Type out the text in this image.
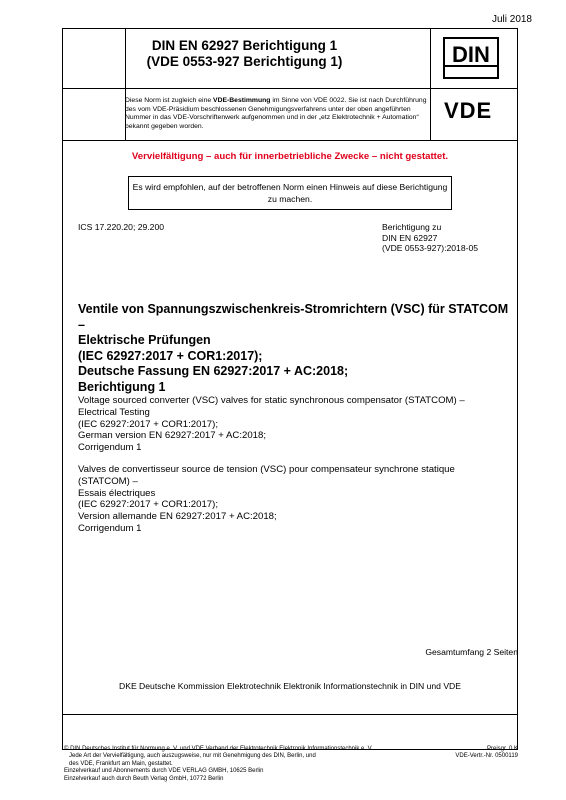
Juli 2018
DIN EN 62927 Berichtigung 1
(VDE 0553-927 Berichtigung 1)	DIN
Diese Norm ist zugleich eine VDE-Bestimmung im Sinne von VDE 0022. Sie ist nach Durchführung des vom VDE-Präsidium beschlossenen Genehmigungsverfahrens unter der oben angeführten Nummer in das VDE-Vorschriftenwerk aufgenommen und in der „etz Elektrotechnik + Automation“ bekannt gegeben worden.
VDE
Vervielfältigung – auch für innerbetriebliche Zwecke – nicht gestattet.
Es wird empfohlen, auf der betroffenen Norm einen Hinweis auf diese Berichtigung zu machen.
ICS 17.220.20; 29.200	Berichtigung zu
DIN EN 62927
(VDE 0553-927):2018-05
Ventile von Spannungszwischenkreis-Stromrichtern (VSC) für STATCOM –
Elektrische Prüfungen
(IEC 62927:2017 + COR1:2017);
Deutsche Fassung EN 62927:2017 + AC:2018;
Berichtigung 1
Voltage sourced converter (VSC) valves for static synchronous compensator (STATCOM) –
Electrical Testing
(IEC 62927:2017 + COR1:2017);
German version EN 62927:2017 + AC:2018;
Corrigendum 1
Valves de convertisseur source de tension (VSC) pour compensateur synchrone statique
(STATCOM) –
Essais électriques
(IEC 62927:2017 + COR1:2017);
Version allemande EN 62927:2017 + AC:2018;
Corrigendum 1
Gesamtumfang 2 Seiten
DKE Deutsche Kommission Elektrotechnik Elektronik Informationstechnik in DIN und VDE
© DIN Deutsches Institut für Normung e. V. und VDE Verband der Elektrotechnik Elektronik Informationstechnik e. V.
Jede Art der Vervielfältigung, auch auszugsweise, nur mit Genehmigung des DIN, Berlin, und
des VDE, Frankfurt am Main, gestattet.
Einzelverkauf und Abonnements durch VDE VERLAG GMBH, 10625 Berlin
Einzelverkauf auch durch Beuth Verlag GmbH, 10772 Berlin
Preisgr. 0 K
VDE-Vertr.-Nr. 0500119
